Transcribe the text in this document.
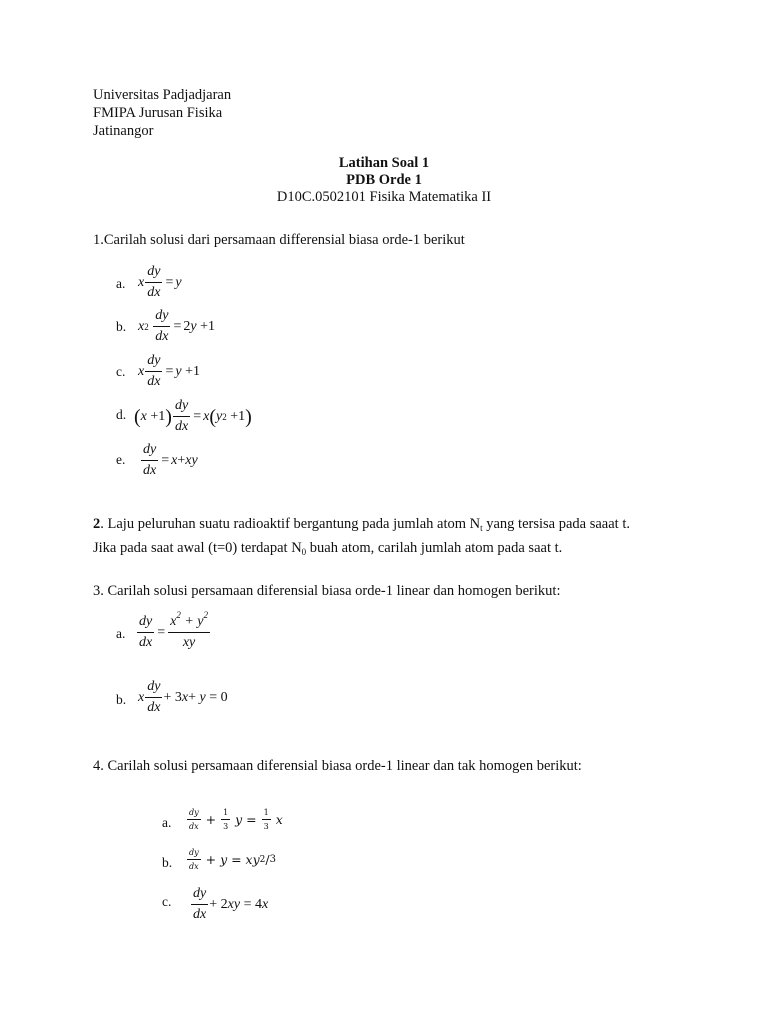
Universitas Padjadjaran
FMIPA Jurusan Fisika
Jatinangor
Latihan Soal 1
PDB Orde 1
D10C.0502101 Fisika Matematika II
1.Carilah solusi dari persamaan differensial biasa orde-1 berikut
a. x $\frac{dy}{dx} = y$
b. x 2
$\frac{dy}{dx} = 2$ y +1
c. x $\frac{dy}{dx} = y +1$
d. ( x +1 ) $\frac{dy}{dx} = x$ ( y 2 +1 )
e. $\frac{dy}{dx} = x$ + xy
2. Laju peluruhan suatu radioaktif bergantung pada jumlah atom $N_t$ yang tersisa pada saaat t.
Jika pada saat awal (t=0) terdapat $N_0$ buah atom, carilah jumlah atom pada saat t.
3. Carilah solusi persamaan diferensial biasa orde-1 linear dan homogen berikut:
a. $\frac{dy}{dx} = \frac{x^2 + y^2}{xy}$
b. x $\frac{dy}{dx} + 3$ x + y = 0
4. Carilah solusi persamaan diferensial biasa orde-1 linear dan tak homogen berikut:
a. $\frac{dy}{dx} + \frac{1}{3}$
$y = \frac{1}{3}$
x
b. $\frac{dy}{dx} + y$ = xy 2 / 3
c. $\frac{dy}{dx} + 2$ xy = 4 x
